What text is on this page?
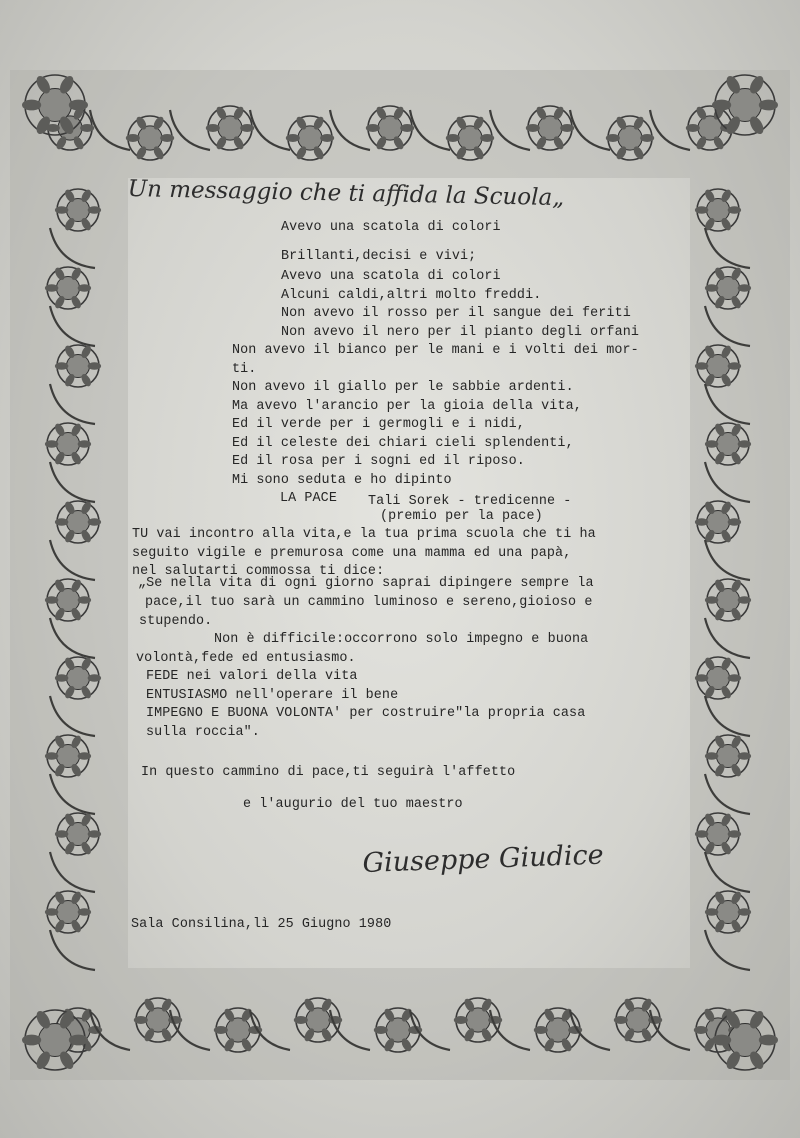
Un messaggio che ti affida la Scuola„

Avevo una scatola di colori

Brillanti,decisi e vivi;

Avevo una scatola di colori

Alcuni caldi,altri molto freddi.

Non avevo il rosso per il sangue dei feriti

Non avevo il nero per il pianto degli orfani

Non avevo il bianco per le mani e i volti dei mor-

ti.

Non avevo il giallo per le sabbie ardenti.

Ma avevo l'arancio per la gioia della vita,

Ed il verde per i germogli e i nidi,

Ed il celeste dei chiari cieli splendenti,

Ed il rosa per i sogni ed il riposo.

Mi sono seduta e ho dipinto

LA PACE Tali Sorek - tredicenne -

(premio per la pace)

TU vai incontro alla vita,e la tua prima scuola che ti ha

seguito vigile e premurosa come una mamma ed una papà,

nel salutarti commossa ti dice:

„Se nella vita di ogni giorno saprai dipingere sempre la

pace,il tuo sarà un cammino luminoso e sereno,gioioso e

stupendo.

Non è difficile:occorrono solo impegno e buona

volontà,fede ed entusiasmo.

FEDE nei valori della vita

ENTUSIASMO nell'operare il bene

IMPEGNO E BUONA VOLONTA' per costruire"la propria casa

sulla roccia".

In questo cammino di pace,ti seguirà l'affetto

e l'augurio del tuo maestro

Giuseppe Giudice

Sala Consilina,lì 25 Giugno 1980
